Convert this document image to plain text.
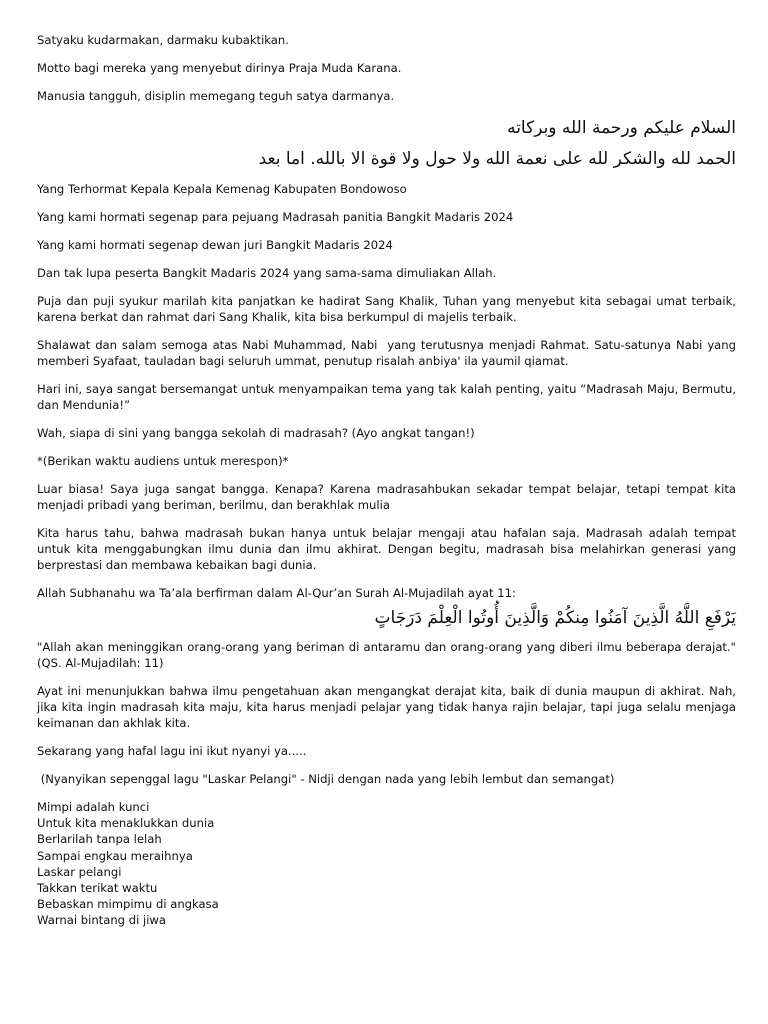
Satyaku kudarmakan, darmaku kubaktikan.

Motto bagi mereka yang menyebut dirinya Praja Muda Karana.

Manusia tangguh, disiplin memegang teguh satya darmanya.

السلام عليكم ورحمة الله وبركاته

الحمد لله والشكر لله على نعمة الله ولا حول ولا قوة الا بالله. اما بعد

Yang Terhormat Kepala Kepala Kemenag Kabupaten Bondowoso

Yang kami hormati segenap para pejuang Madrasah panitia Bangkit Madaris 2024

Yang kami hormati segenap dewan juri Bangkit Madaris 2024

Dan tak lupa peserta Bangkit Madaris 2024 yang sama-sama dimuliakan Allah.

Puja dan puji syukur marilah kita panjatkan ke hadirat Sang Khalik, Tuhan yang menyebut kita sebagai umat terbaik, karena berkat dan rahmat dari Sang Khalik, kita bisa berkumpul di majelis terbaik.

Shalawat dan salam semoga atas Nabi Muhammad, Nabi  yang terutusnya menjadi Rahmat. Satu-satunya Nabi yang memberi Syafaat, tauladan bagi seluruh ummat, penutup risalah anbiya' ila yaumil qiamat.

Hari ini, saya sangat bersemangat untuk menyampaikan tema yang tak kalah penting, yaitu “Madrasah Maju, Bermutu, dan Mendunia!”

Wah, siapa di sini yang bangga sekolah di madrasah? (Ayo angkat tangan!)

*(Berikan waktu audiens untuk merespon)*

Luar biasa! Saya juga sangat bangga. Kenapa? Karena madrasahbukan sekadar tempat belajar, tetapi tempat kita menjadi pribadi yang beriman, berilmu, dan berakhlak mulia

Kita harus tahu, bahwa madrasah bukan hanya untuk belajar mengaji atau hafalan saja. Madrasah adalah tempat untuk kita menggabungkan ilmu dunia dan ilmu akhirat. Dengan begitu, madrasah bisa melahirkan generasi yang berprestasi dan membawa kebaikan bagi dunia.

Allah Subhanahu wa Ta’ala berfirman dalam Al-Qur’an Surah Al-Mujadilah ayat 11:

يَرْفَعِ اللَّهُ الَّذِينَ آمَنُوا مِنكُمْ وَالَّذِينَ أُوتُوا الْعِلْمَ دَرَجَاتٍ

"Allah akan meninggikan orang-orang yang beriman di antaramu dan orang-orang yang diberi ilmu beberapa derajat."(QS. Al-Mujadilah: 11)

Ayat ini menunjukkan bahwa ilmu pengetahuan akan mengangkat derajat kita, baik di dunia maupun di akhirat. Nah, jika kita ingin madrasah kita maju, kita harus menjadi pelajar yang tidak hanya rajin belajar, tapi juga selalu menjaga keimanan dan akhlak kita.

Sekarang yang hafal lagu ini ikut nyanyi ya.....

(Nyanyikan sepenggal lagu "Laskar Pelangi" - Nidji dengan nada yang lebih lembut dan semangat)

Mimpi adalah kunci
Untuk kita menaklukkan dunia
Berlarilah tanpa lelah
Sampai engkau meraihnya
Laskar pelangi
Takkan terikat waktu
Bebaskan mimpimu di angkasa
Warnai bintang di jiwa
